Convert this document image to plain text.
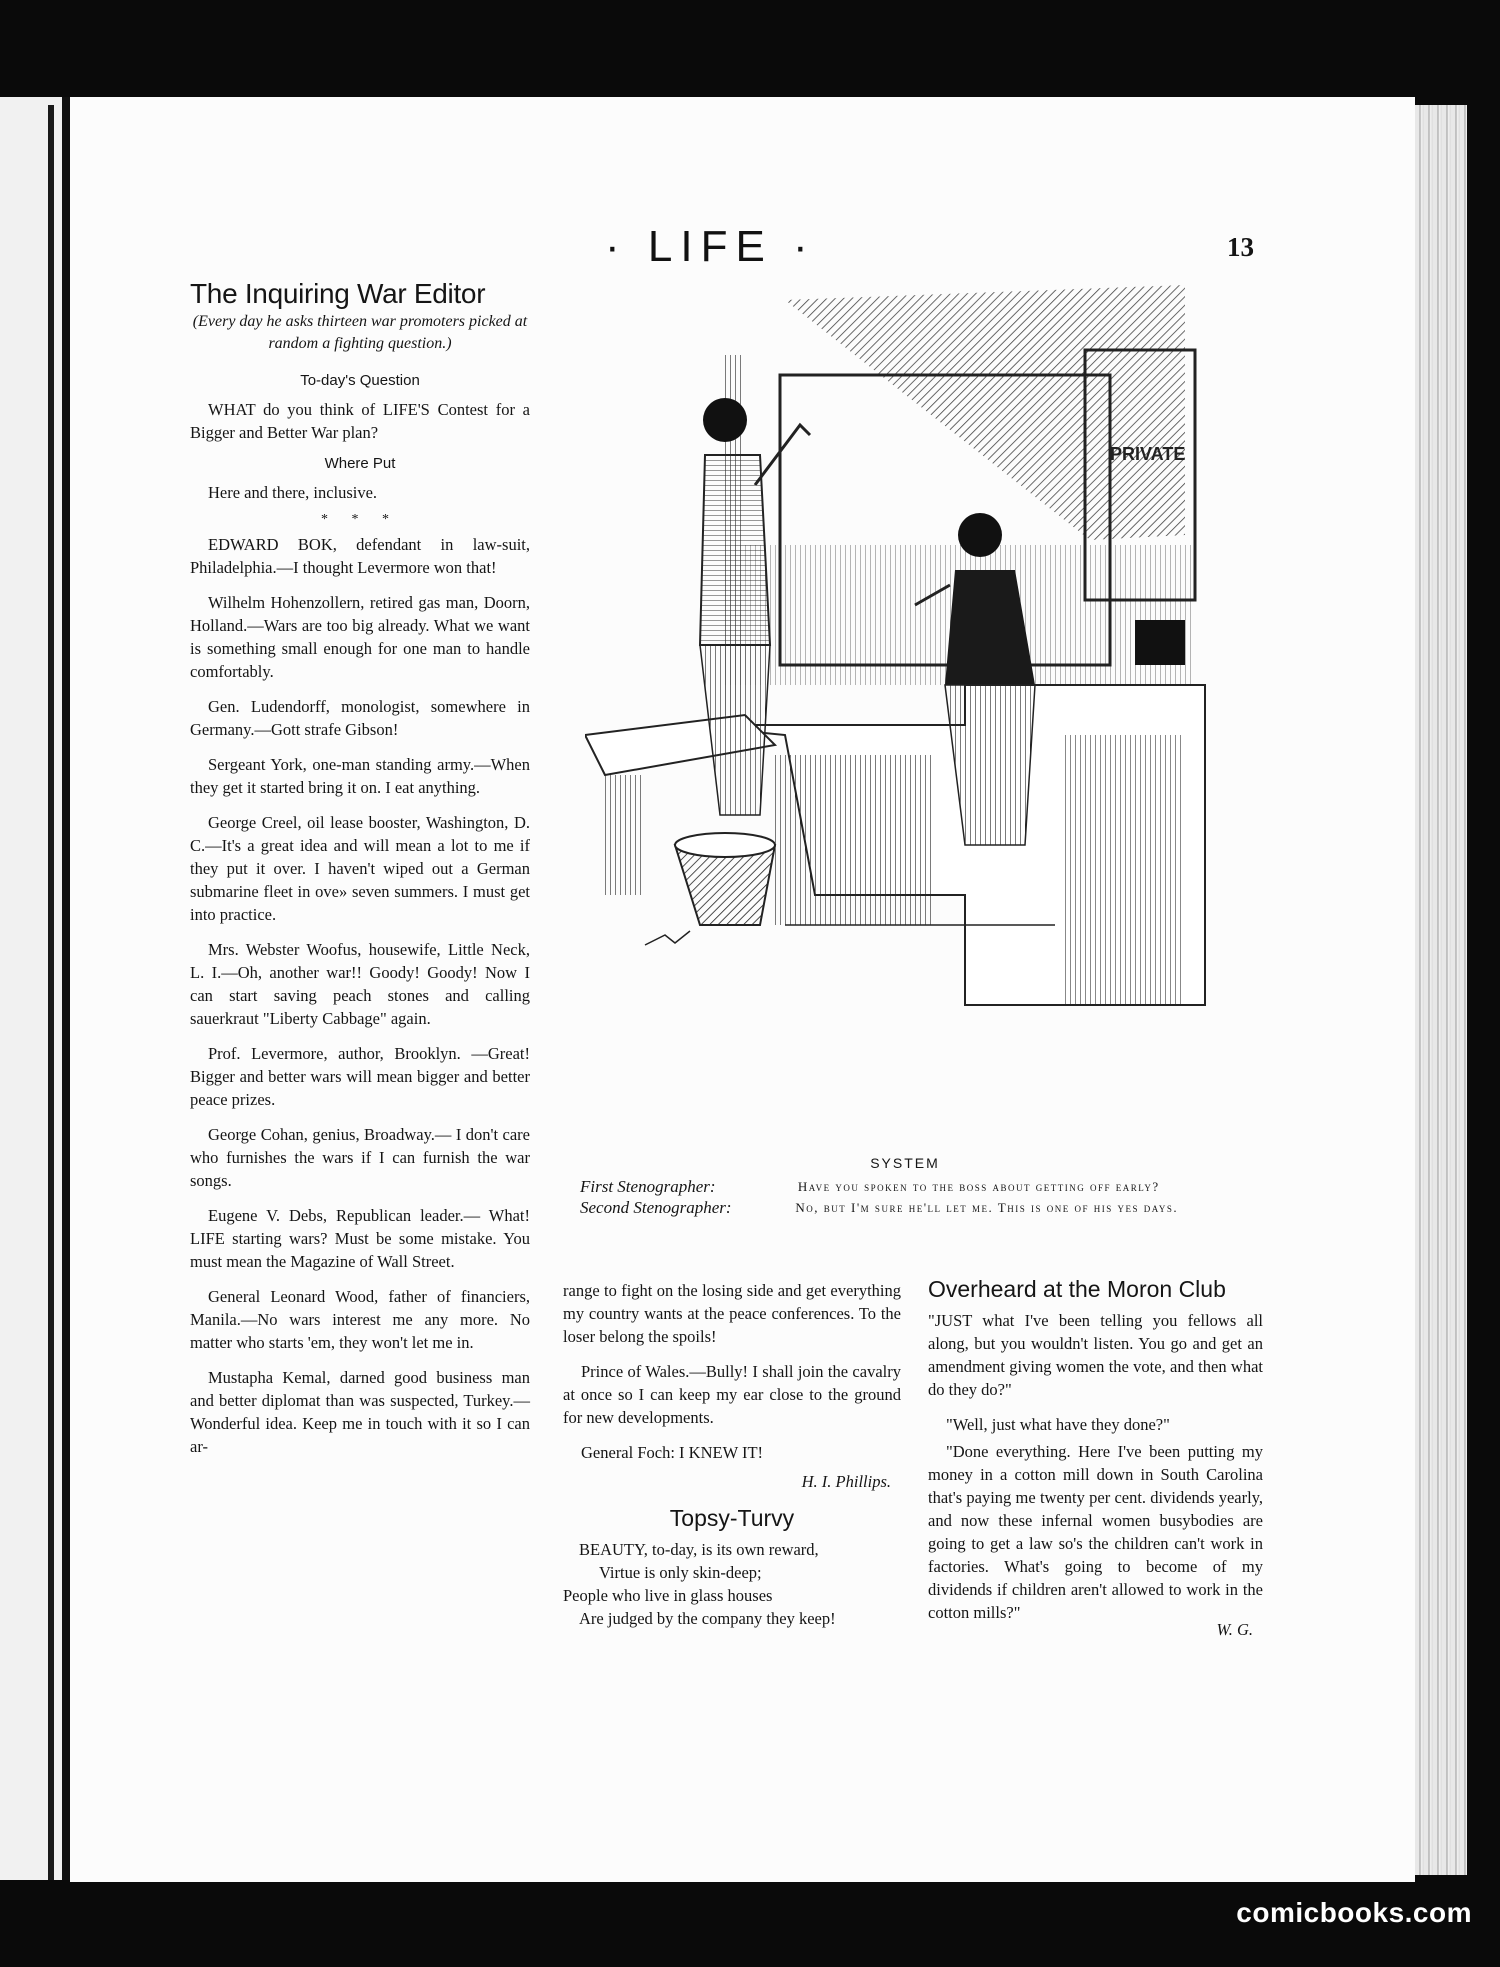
· LIFE ·	13
The Inquiring War Editor
(Every day he asks thirteen war promoters picked at random a fighting question.)
To-day's Question

WHAT do you think of LIFE'S Contest for a Bigger and Better War plan?

Where Put

Here and there, inclusive.

* * *

EDWARD BOK, defendant in law-suit, Philadelphia.—I thought Levermore won that!

Wilhelm Hohenzollern, retired gas man, Doorn, Holland.—Wars are too big already. What we want is something small enough for one man to handle comfortably.

Gen. Ludendorff, monologist, somewhere in Germany.—Gott strafe Gibson!

Sergeant York, one-man standing army.—When they get it started bring it on. I eat anything.

George Creel, oil lease booster, Washington, D. C.—It's a great idea and will mean a lot to me if they put it over. I haven't wiped out a German submarine fleet in ove» seven summers. I must get into practice.

Mrs. Webster Woofus, housewife, Little Neck, L. I.—Oh, another war!! Goody! Goody! Now I can start saving peach stones and calling sauerkraut "Liberty Cabbage" again.

Prof. Levermore, author, Brooklyn. —Great! Bigger and better wars will mean bigger and better peace prizes.

George Cohan, genius, Broadway.— I don't care who furnishes the wars if I can furnish the war songs.

Eugene V. Debs, Republican leader.— What! LIFE starting wars? Must be some mistake. You must mean the Magazine of Wall Street.

General Leonard Wood, father of financiers, Manila.—No wars interest me any more. No matter who starts 'em, they won't let me in.

Mustapha Kemal, darned good business man and better diplomat than was suspected, Turkey.—Wonderful idea. Keep me in touch with it so I can ar-

PRIVATE
SYSTEM
First Stenographer:	Have you spoken to the boss about getting off early?
Second Stenographer:	No, but I'm sure he'll let me. This is one of his yes days.

range to fight on the losing side and get everything my country wants at the peace conferences. To the loser belong the spoils!

Prince of Wales.—Bully! I shall join the cavalry at once so I can keep my ear close to the ground for new developments.

General Foch: I KNEW IT!

H. I. Phillips.
Topsy-Turvy
BEAUTY, to-day, is its own reward,
Virtue is only skin-deep;
People who live in glass houses
Are judged by the company they keep!
Overheard at the Moron Club

"JUST what I've been telling you fellows all along, but you wouldn't listen. You go and get an amendment giving women the vote, and then what do they do?"

"Well, just what have they done?"

"Done everything. Here I've been putting my money in a cotton mill down in South Carolina that's paying me twenty per cent. dividends yearly, and now these infernal women busybodies are going to get a law so's the children can't work in factories. What's going to become of my dividends if children aren't allowed to work in the cotton mills?"

W. G.
comicbooks.com
